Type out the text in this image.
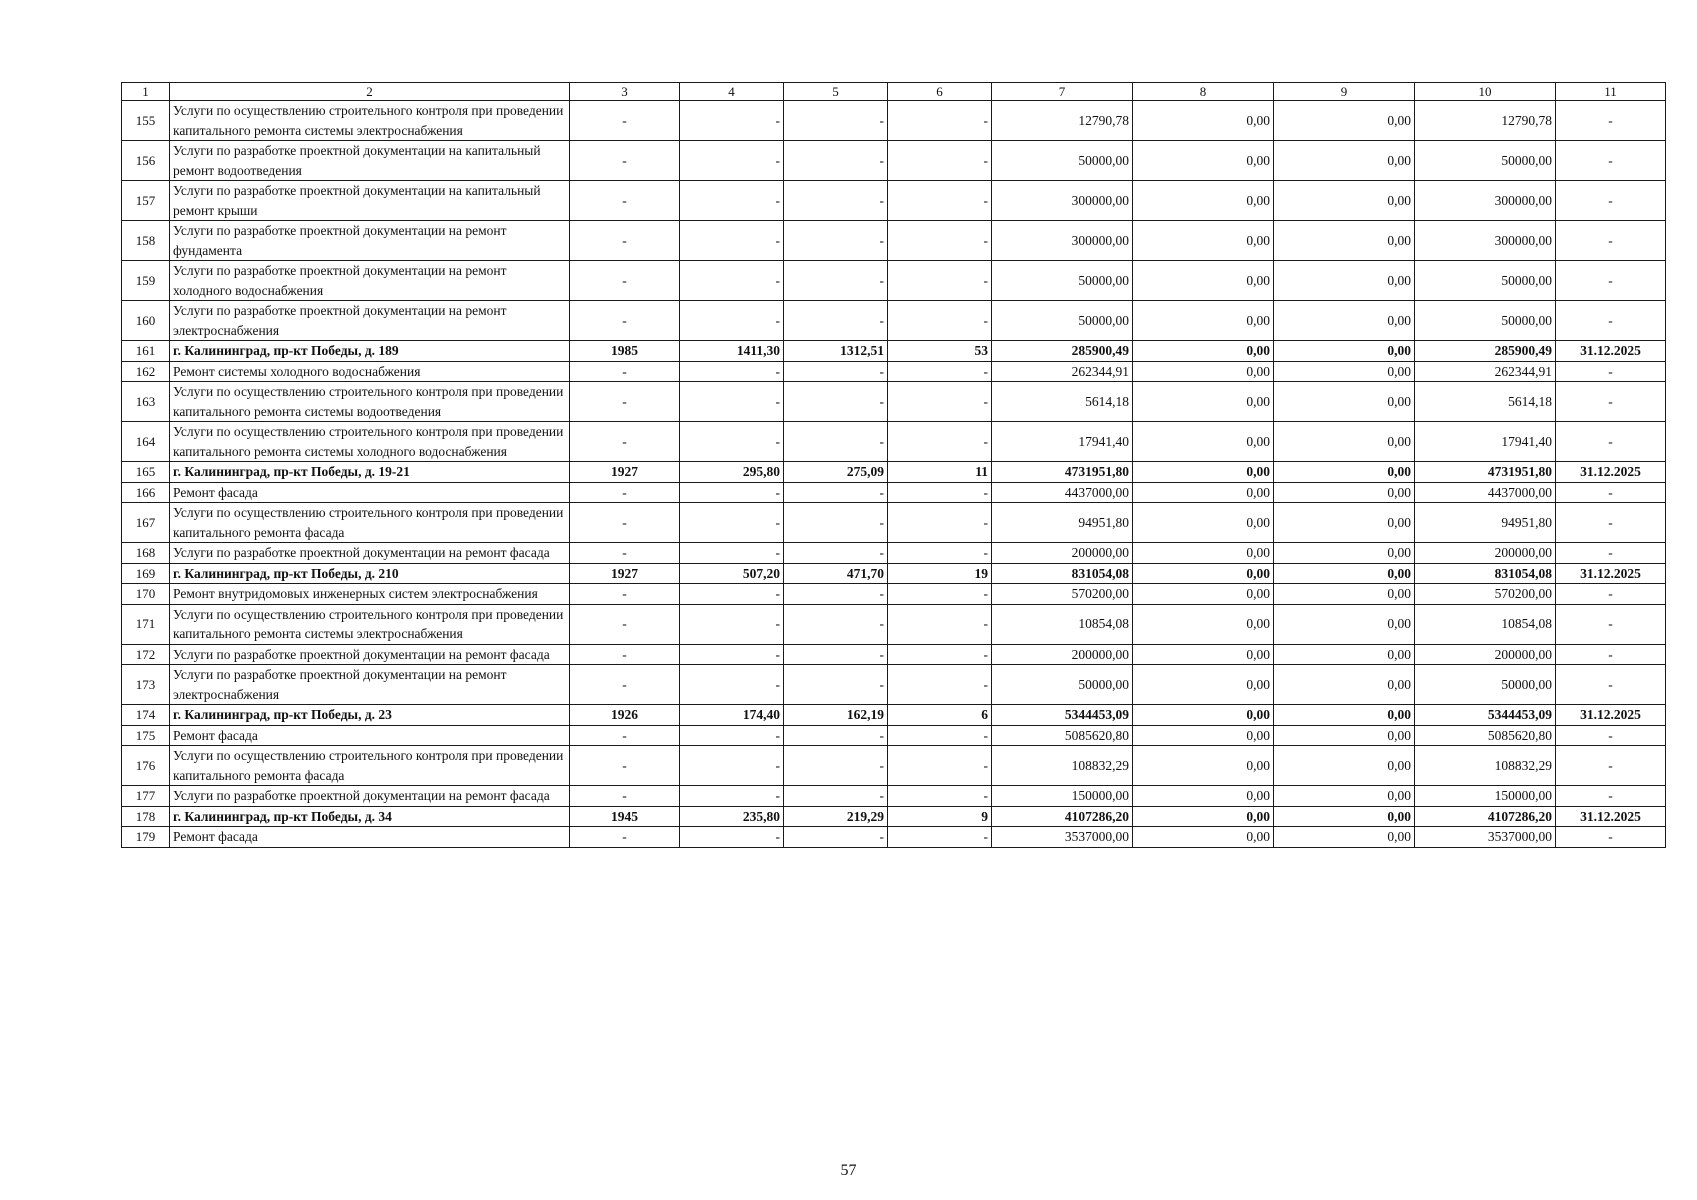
1	2	3	4	5	6	7	8	9	10	11
155	Услуги по осуществлению строительного контроля при проведении капитального ремонта системы электроснабжения	-	-	-	-	12790,78	0,00	0,00	12790,78	-
156	Услуги по разработке проектной документации на капитальный ремонт водоотведения	-	-	-	-	50000,00	0,00	0,00	50000,00	-
157	Услуги по разработке проектной документации на капитальный ремонт крыши	-	-	-	-	300000,00	0,00	0,00	300000,00	-
158	Услуги по разработке проектной документации на ремонт фундамента	-	-	-	-	300000,00	0,00	0,00	300000,00	-
159	Услуги по разработке проектной документации на ремонт холодного водоснабжения	-	-	-	-	50000,00	0,00	0,00	50000,00	-
160	Услуги по разработке проектной документации на ремонт электроснабжения	-	-	-	-	50000,00	0,00	0,00	50000,00	-
161	г. Калининград, пр-кт Победы, д. 189	1985	1411,30	1312,51	53	285900,49	0,00	0,00	285900,49	31.12.2025
162	Ремонт системы холодного водоснабжения	-	-	-	-	262344,91	0,00	0,00	262344,91	-
163	Услуги по осуществлению строительного контроля при проведении капитального ремонта системы водоотведения	-	-	-	-	5614,18	0,00	0,00	5614,18	-
164	Услуги по осуществлению строительного контроля при проведении капитального ремонта системы холодного водоснабжения	-	-	-	-	17941,40	0,00	0,00	17941,40	-
165	г. Калининград, пр-кт Победы, д. 19-21	1927	295,80	275,09	11	4731951,80	0,00	0,00	4731951,80	31.12.2025
166	Ремонт фасада	-	-	-	-	4437000,00	0,00	0,00	4437000,00	-
167	Услуги по осуществлению строительного контроля при проведении капитального ремонта фасада	-	-	-	-	94951,80	0,00	0,00	94951,80	-
168	Услуги по разработке проектной документации на ремонт фасада	-	-	-	-	200000,00	0,00	0,00	200000,00	-
169	г. Калининград, пр-кт Победы, д. 210	1927	507,20	471,70	19	831054,08	0,00	0,00	831054,08	31.12.2025
170	Ремонт внутридомовых инженерных систем электроснабжения	-	-	-	-	570200,00	0,00	0,00	570200,00	-
171	Услуги по осуществлению строительного контроля при проведении капитального ремонта системы электроснабжения	-	-	-	-	10854,08	0,00	0,00	10854,08	-
172	Услуги по разработке проектной документации на ремонт фасада	-	-	-	-	200000,00	0,00	0,00	200000,00	-
173	Услуги по разработке проектной документации на ремонт электроснабжения	-	-	-	-	50000,00	0,00	0,00	50000,00	-
174	г. Калининград, пр-кт Победы, д. 23	1926	174,40	162,19	6	5344453,09	0,00	0,00	5344453,09	31.12.2025
175	Ремонт фасада	-	-	-	-	5085620,80	0,00	0,00	5085620,80	-
176	Услуги по осуществлению строительного контроля при проведении капитального ремонта фасада	-	-	-	-	108832,29	0,00	0,00	108832,29	-
177	Услуги по разработке проектной документации на ремонт фасада	-	-	-	-	150000,00	0,00	0,00	150000,00	-
178	г. Калининград, пр-кт Победы, д. 34	1945	235,80	219,29	9	4107286,20	0,00	0,00	4107286,20	31.12.2025
179	Ремонт фасада	-	-	-	-	3537000,00	0,00	0,00	3537000,00	-
57
